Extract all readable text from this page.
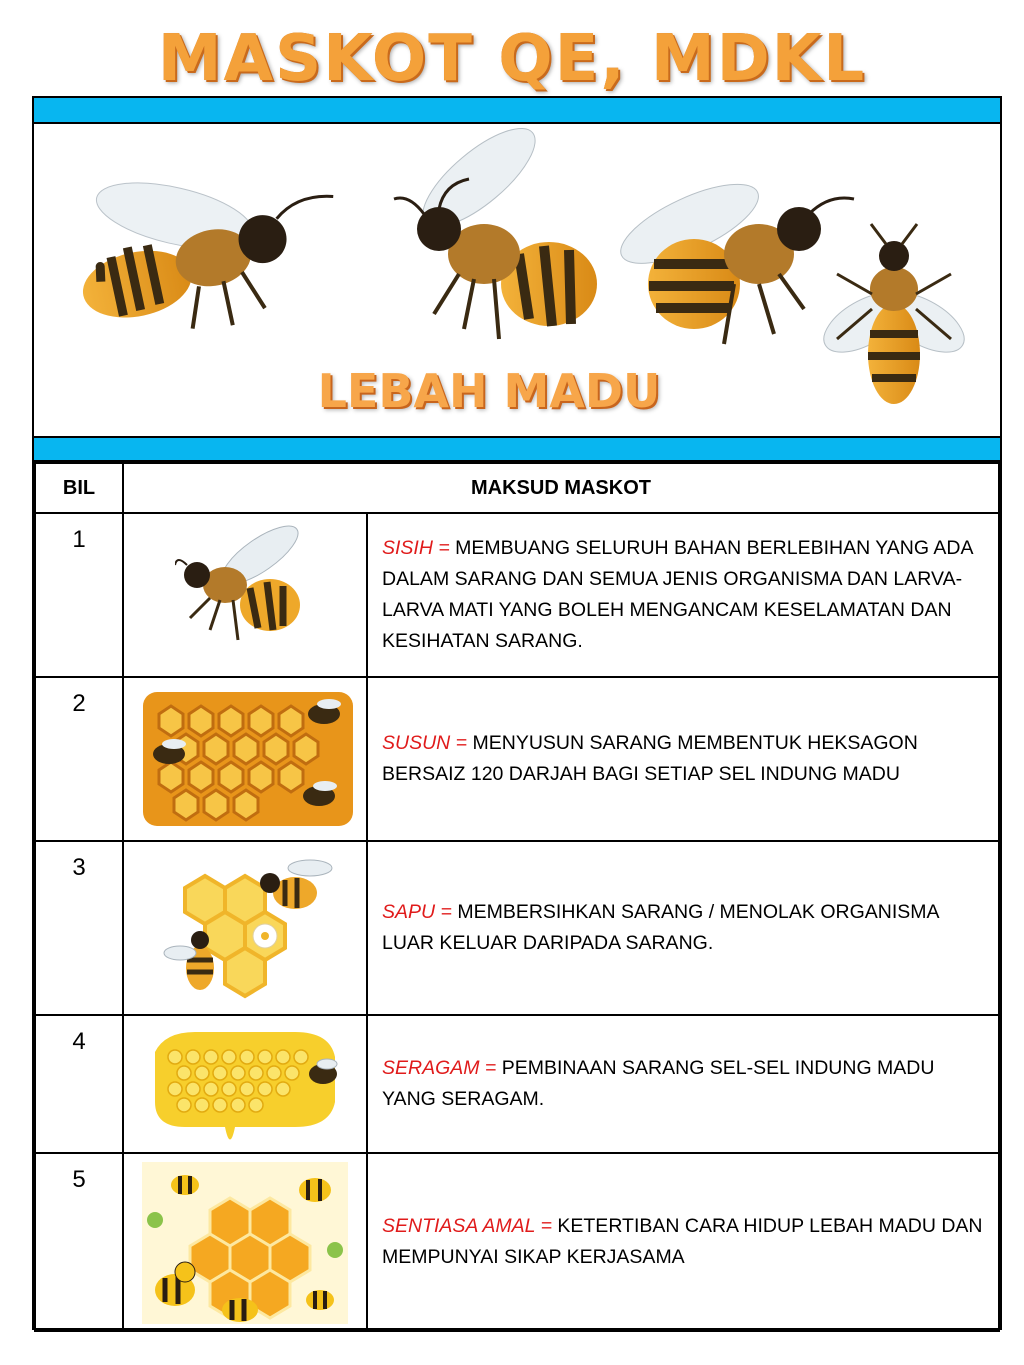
MASKOT QE, MDKL
LEBAH MADU
BIL	MAKSUD MASKOT	
1		SISIH = MEMBUANG SELURUH BAHAN BERLEBIHAN YANG ADA DALAM SARANG DAN SEMUA JENIS ORGANISMA DAN LARVA-LARVA MATI YANG BOLEH MENGANCAM KESELAMATAN DAN KESIHATAN SARANG.
2		SUSUN = MENYUSUN SARANG MEMBENTUK HEKSAGON BERSAIZ 120 DARJAH BAGI SETIAP SEL INDUNG MADU
3		SAPU = MEMBERSIHKAN SARANG / MENOLAK ORGANISMA LUAR KELUAR DARIPADA SARANG.
4		SERAGAM = PEMBINAAN SARANG SEL-SEL INDUNG MADU YANG SERAGAM.
5		SENTIASA AMAL = KETERTIBAN CARA HIDUP LEBAH MADU DAN MEMPUNYAI SIKAP KERJASAMA
